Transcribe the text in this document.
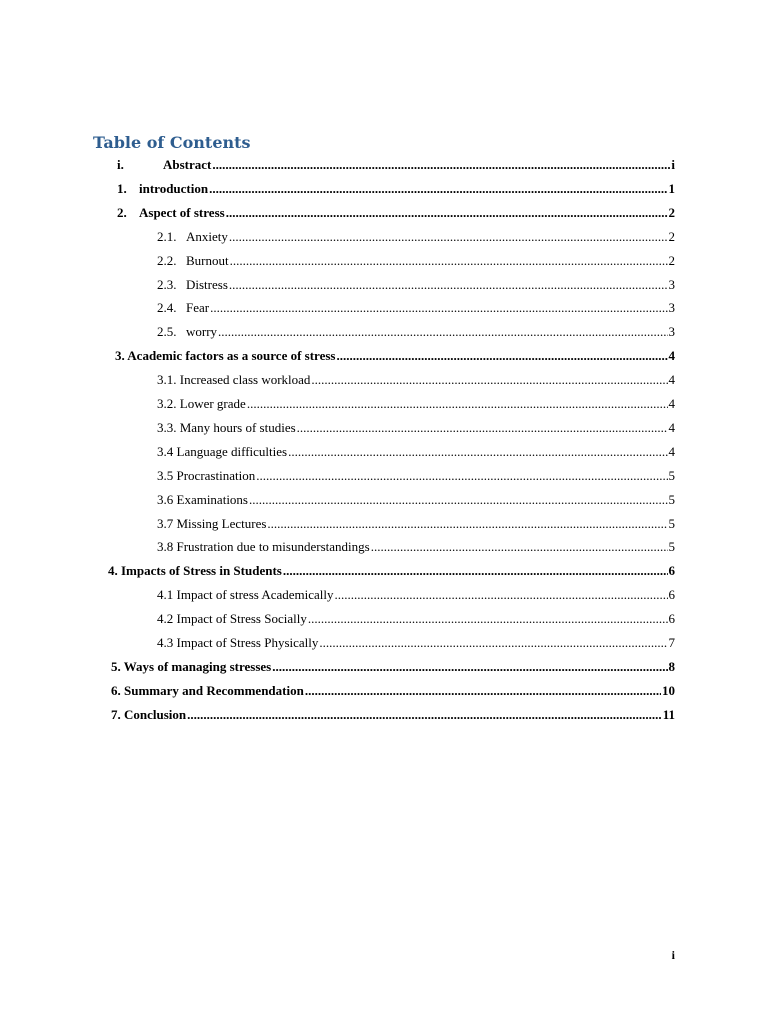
Table of Contents
i.	Abstract .....	i
1. introduction .....	1
2. Aspect of stress .....	2
2.1. Anxiety .....	2
2.2. Burnout .....	2
2.3. Distress .....	3
2.4. Fear .....	3
2.5. worry .....	3
3. Academic factors as a source of stress .....	4
3.1. Increased class workload .....	4
3.2. Lower grade .....	4
3.3. Many hours of studies .....	4
3.4 Language difficulties .....	4
3.5 Procrastination .....	5
3.6 Examinations .....	5
3.7 Missing Lectures .....	5
3.8 Frustration due to misunderstandings .....	5
4. Impacts of Stress in Students .....	6
4.1 Impact of stress Academically .....	6
4.2 Impact of Stress Socially .....	6
4.3 Impact of Stress Physically .....	7
5. Ways of managing stresses .....	8
6. Summary and Recommendation .....	10
7. Conclusion .....	11
i
